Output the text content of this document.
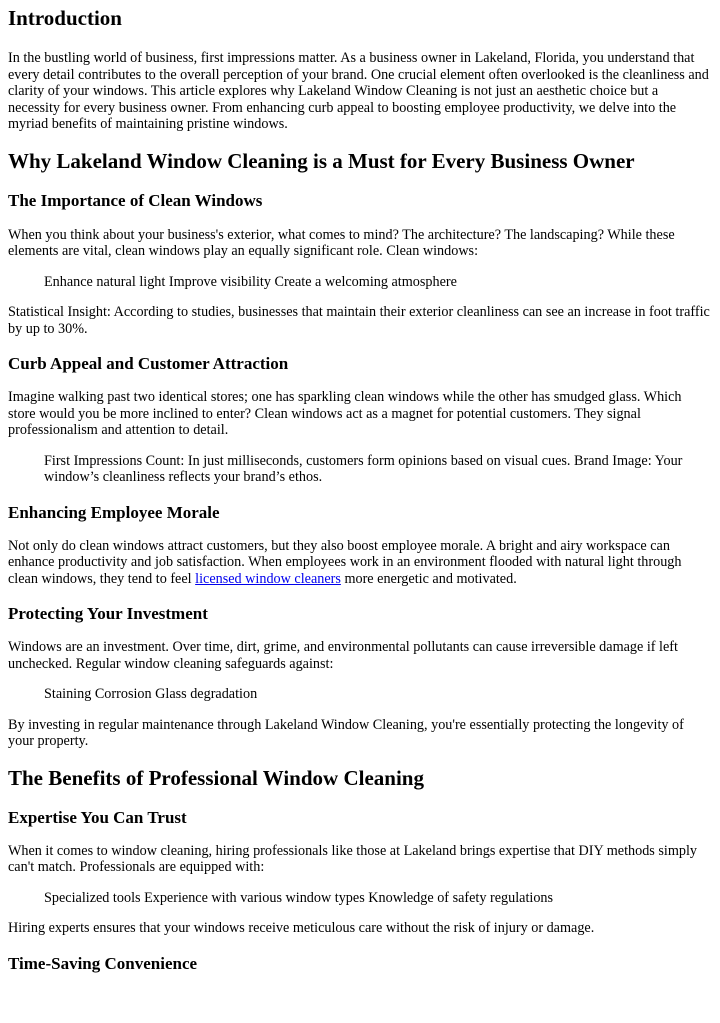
Introduction

In the bustling world of business, first impressions matter. As a business owner in Lakeland, Florida, you understand that every detail contributes to the overall perception of your brand. One crucial element often overlooked is the cleanliness and clarity of your windows. This article explores why Lakeland Window Cleaning is not just an aesthetic choice but a necessity for every business owner. From enhancing curb appeal to boosting employee productivity, we delve into the myriad benefits of maintaining pristine windows.

Why Lakeland Window Cleaning is a Must for Every Business Owner
The Importance of Clean Windows

When you think about your business's exterior, what comes to mind? The architecture? The landscaping? While these elements are vital, clean windows play an equally significant role. Clean windows:

Enhance natural light Improve visibility Create a welcoming atmosphere

Statistical Insight: According to studies, businesses that maintain their exterior cleanliness can see an increase in foot traffic by up to 30%.

Curb Appeal and Customer Attraction

Imagine walking past two identical stores; one has sparkling clean windows while the other has smudged glass. Which store would you be more inclined to enter? Clean windows act as a magnet for potential customers. They signal professionalism and attention to detail.

First Impressions Count: In just milliseconds, customers form opinions based on visual cues. Brand Image: Your window’s cleanliness reflects your brand’s ethos.
Enhancing Employee Morale

Not only do clean windows attract customers, but they also boost employee morale. A bright and airy workspace can enhance productivity and job satisfaction. When employees work in an environment flooded with natural light through clean windows, they tend to feel licensed window cleaners more energetic and motivated.

Protecting Your Investment

Windows are an investment. Over time, dirt, grime, and environmental pollutants can cause irreversible damage if left unchecked. Regular window cleaning safeguards against:

Staining Corrosion Glass degradation

By investing in regular maintenance through Lakeland Window Cleaning, you're essentially protecting the longevity of your property.

The Benefits of Professional Window Cleaning
Expertise You Can Trust

When it comes to window cleaning, hiring professionals like those at Lakeland brings expertise that DIY methods simply can't match. Professionals are equipped with:

Specialized tools Experience with various window types Knowledge of safety regulations

Hiring experts ensures that your windows receive meticulous care without the risk of injury or damage.

Time-Saving Convenience
